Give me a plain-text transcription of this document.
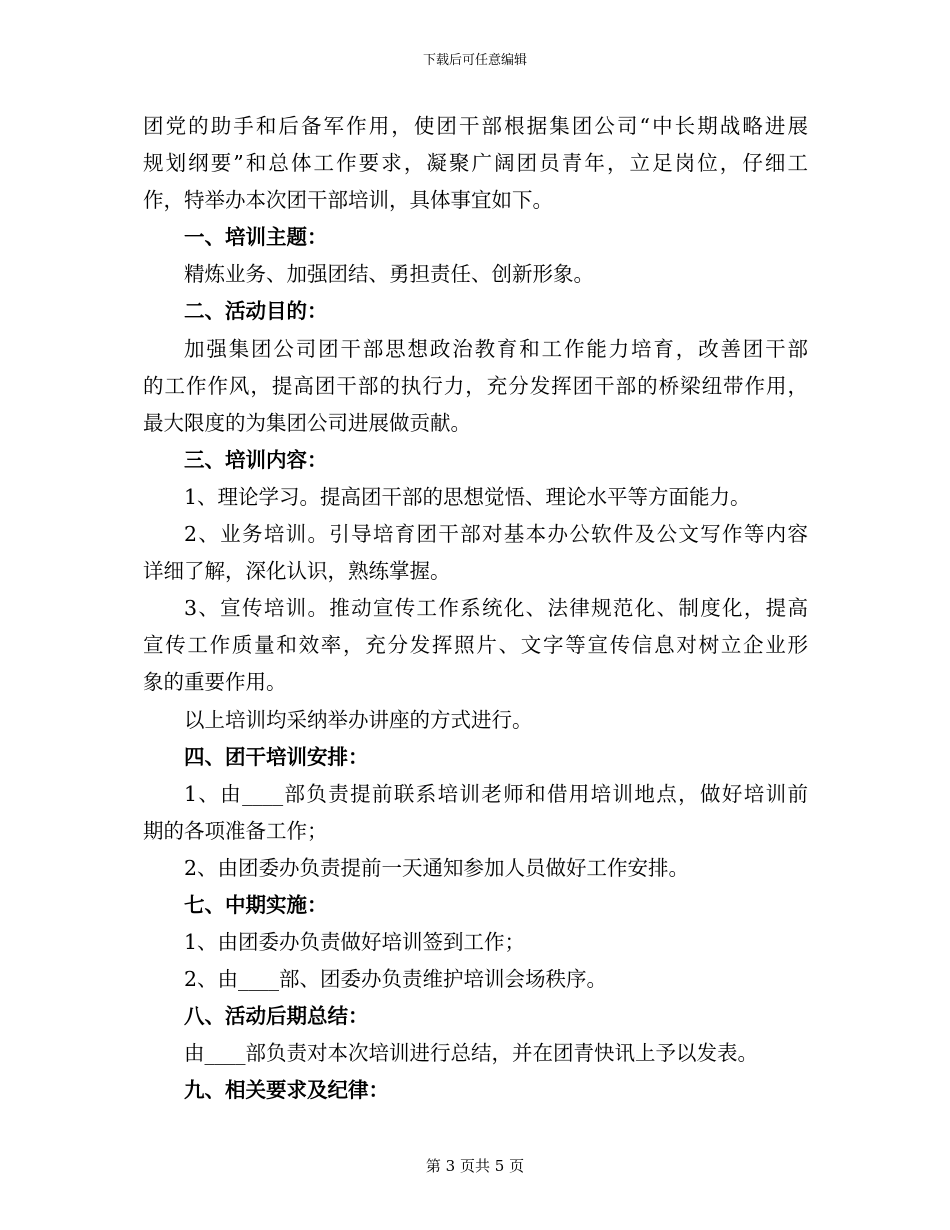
下载后可任意编辑
团党的助手和后备军作用，使团干部根据集团公司“中长期战略进展
规划纲要”和总体工作要求，凝聚广阔团员青年，立足岗位，仔细工
作，特举办本次团干部培训，具体事宜如下。
一、培训主题：
精炼业务、加强团结、勇担责任、创新形象。
二、活动目的：
加强集团公司团干部思想政治教育和工作能力培育，改善团干部
的工作作风，提高团干部的执行力，充分发挥团干部的桥梁纽带作用，
最大限度的为集团公司进展做贡献。
三、培训内容：
1、理论学习。提高团干部的思想觉悟、理论水平等方面能力。
2、业务培训。引导培育团干部对基本办公软件及公文写作等内容
详细了解，深化认识，熟练掌握。
3、宣传培训。推动宣传工作系统化、法律规范化、制度化，提高
宣传工作质量和效率，充分发挥照片、文字等宣传信息对树立企业形
象的重要作用。
以上培训均采纳举办讲座的方式进行。
四、团干培训安排：
1、由____部负责提前联系培训老师和借用培训地点，做好培训前
期的各项准备工作；
2、由团委办负责提前一天通知参加人员做好工作安排。
七、中期实施：
1、由团委办负责做好培训签到工作；
2、由____部、团委办负责维护培训会场秩序。
八、活动后期总结：
由____部负责对本次培训进行总结，并在团青快讯上予以发表。
九、相关要求及纪律：
第 3 页共 5 页
